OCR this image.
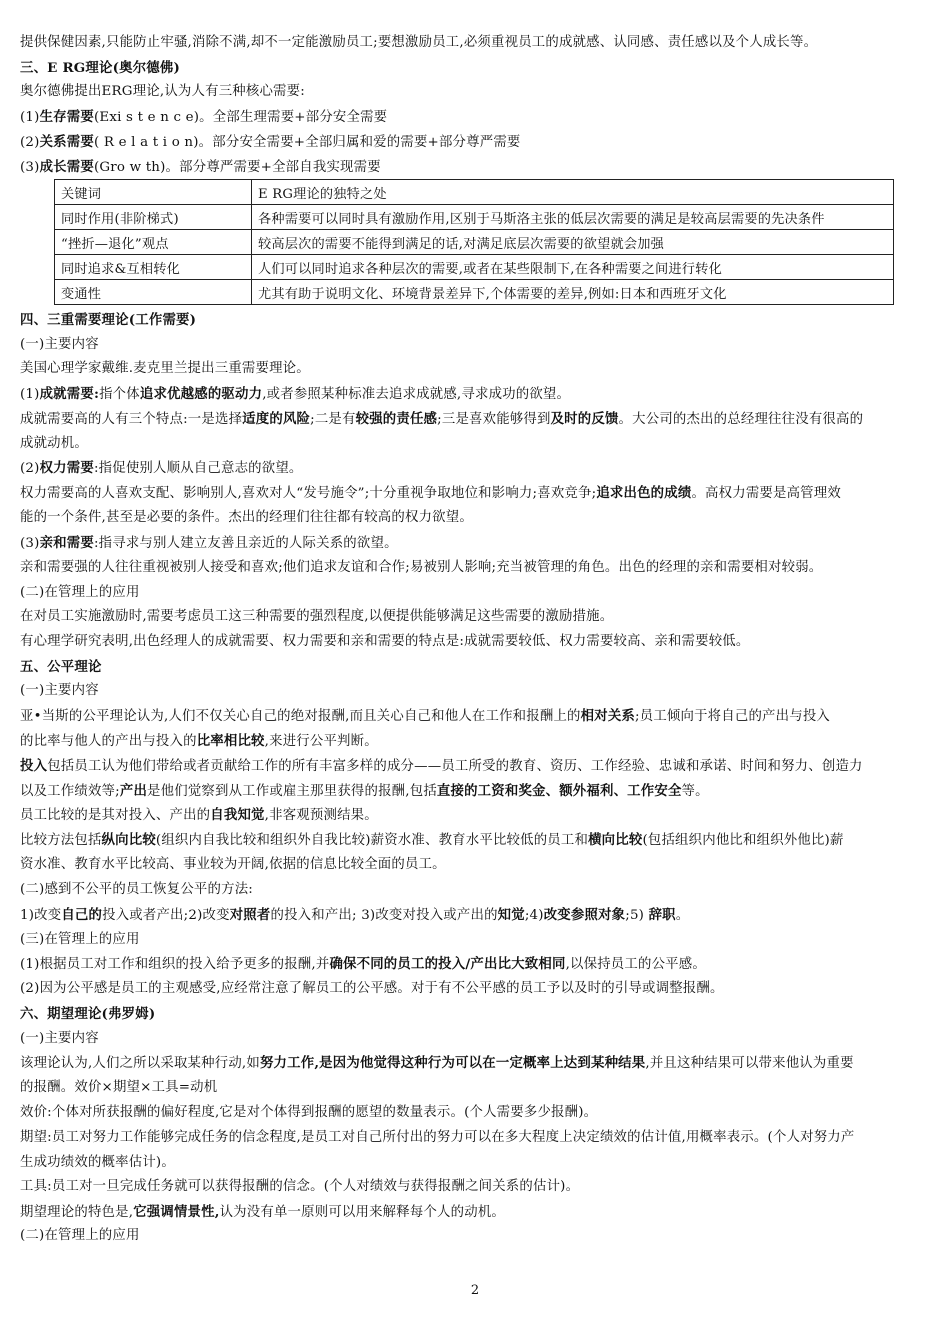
提供保健因素,只能防止牢骚,消除不满,却不一定能激励员工;要想激励员工,必须重视员工的成就感、认同感、责任感以及个人成长等。
三、E RG理论(奥尔德佛)
奥尔德佛提出ERG理论,认为人有三种核心需要:
(1)生存需要(Exi s t e n c e)。全部生理需要+部分安全需要
(2)关系需要( R e l a t i o n)。部分安全需要+全部归属和爱的需要+部分尊严需要
(3)成长需要(Gro w th)。部分尊严需要+全部自我实现需要
关键词	E RG理论的独特之处
同时作用(非阶梯式)	各种需要可以同时具有激励作用,区别于马斯洛主张的低层次需要的满足是较高层需要的先决条件
“挫折—退化”观点	较高层次的需要不能得到满足的话,对满足底层次需要的欲望就会加强
同时追求&互相转化	人们可以同时追求各种层次的需要,或者在某些限制下,在各种需要之间进行转化
变通性	尤其有助于说明文化、环境背景差异下,个体需要的差异,例如:日本和西班牙文化
四、三重需要理论(工作需要)
(一)主要内容
美国心理学家戴维.麦克里兰提出三重需要理论。
(1)成就需要:指个体追求优越感的驱动力,或者参照某种标准去追求成就感,寻求成功的欲望。
成就需要高的人有三个特点:一是选择适度的风险;二是有较强的责任感;三是喜欢能够得到及时的反馈。大公司的杰出的总经理往往没有很高的
成就动机。
(2)权力需要:指促使别人顺从自己意志的欲望。
权力需要高的人喜欢支配、影响别人,喜欢对人“发号施令”;十分重视争取地位和影响力;喜欢竞争;追求出色的成绩。高权力需要是高管理效
能的一个条件,甚至是必要的条件。杰出的经理们往往都有较高的权力欲望。
(3)亲和需要:指寻求与别人建立友善且亲近的人际关系的欲望。
亲和需要强的人往往重视被别人接受和喜欢;他们追求友谊和合作;易被别人影响;充当被管理的角色。出色的经理的亲和需要相对较弱。
(二)在管理上的应用
在对员工实施激励时,需要考虑员工这三种需要的强烈程度,以便提供能够满足这些需要的激励措施。
有心理学研究表明,出色经理人的成就需要、权力需要和亲和需要的特点是:成就需要较低、权力需要较高、亲和需要较低。
五、公平理论
(一)主要内容
亚•当斯的公平理论认为,人们不仅关心自己的绝对报酬,而且关心自己和他人在工作和报酬上的相对关系;员工倾向于将自己的产出与投入
的比率与他人的产出与投入的比率相比较,来进行公平判断。
投入包括员工认为他们带给或者贡献给工作的所有丰富多样的成分——员工所受的教育、资历、工作经验、忠诚和承诺、时间和努力、创造力
以及工作绩效等;产出是他们觉察到从工作或雇主那里获得的报酬,包括直接的工资和奖金、额外福利、工作安全等。
员工比较的是其对投入、产出的自我知觉,非客观预测结果。
比较方法包括纵向比较(组织内自我比较和组织外自我比较)薪资水准、教育水平比较低的员工和横向比较(包括组织内他比和组织外他比)薪
资水准、教育水平比较高、事业较为开阔,依据的信息比较全面的员工。
(二)感到不公平的员工恢复公平的方法:
1)改变自己的投入或者产出;2)改变对照者的投入和产出; 3)改变对投入或产出的知觉;4)改变参照对象;5) 辞职。
(三)在管理上的应用
(1)根据员工对工作和组织的投入给予更多的报酬,并确保不同的员工的投入/产出比大致相同,以保持员工的公平感。
(2)因为公平感是员工的主观感受,应经常注意了解员工的公平感。对于有不公平感的员工予以及时的引导或调整报酬。
六、期望理论(弗罗姆)
(一)主要内容
该理论认为,人们之所以采取某种行动,如努力工作,是因为他觉得这种行为可以在一定概率上达到某种结果,并且这种结果可以带来他认为重要
的报酬。效价×期望×工具=动机
效价:个体对所获报酬的偏好程度,它是对个体得到报酬的愿望的数量表示。(个人需要多少报酬)。
期望:员工对努力工作能够完成任务的信念程度,是员工对自己所付出的努力可以在多大程度上决定绩效的估计值,用概率表示。(个人对努力产
生成功绩效的概率估计)。
工具:员工对一旦完成任务就可以获得报酬的信念。(个人对绩效与获得报酬之间关系的估计)。
期望理论的特色是,它强调情景性,认为没有单一原则可以用来解释每个人的动机。
(二)在管理上的应用
2
